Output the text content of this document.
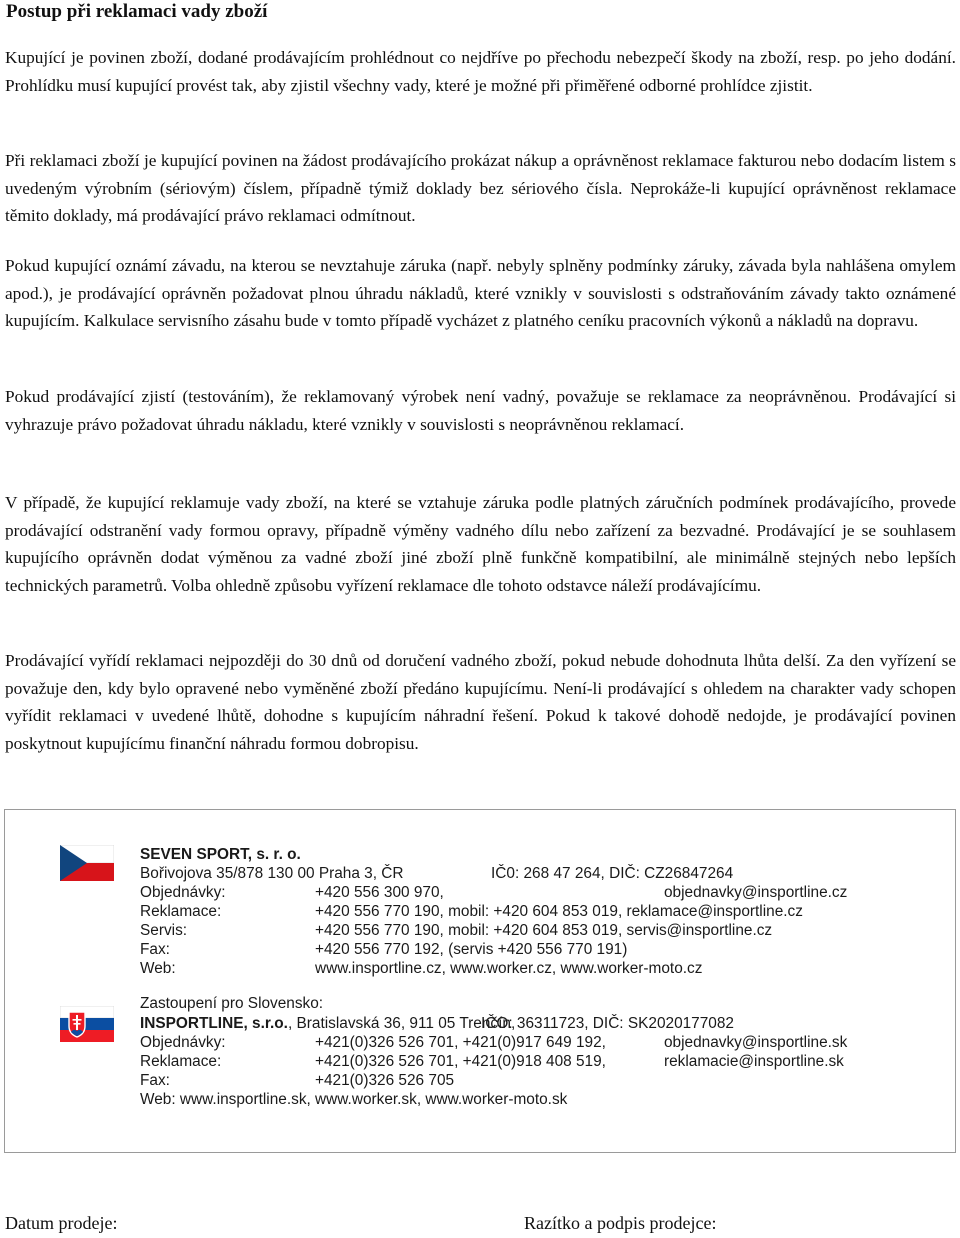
Postup při reklamaci vady zboží

Kupující je povinen zboží, dodané prodávajícím prohlédnout co nejdříve po přechodu nebezpečí škody na zboží, resp. po jeho dodání. Prohlídku musí kupující provést tak, aby zjistil všechny vady, které je možné při přiměřené odborné prohlídce zjistit.

Při reklamaci zboží je kupující povinen na žádost prodávajícího prokázat nákup a oprávněnost reklamace fakturou nebo dodacím listem s uvedeným výrobním (sériovým) číslem, případně týmiž doklady bez sériového čísla. Neprokáže-li kupující oprávněnost reklamace těmito doklady, má prodávající právo reklamaci odmítnout.

Pokud kupující oznámí závadu, na kterou se nevztahuje záruka (např. nebyly splněny podmínky záruky, závada byla nahlášena omylem apod.), je prodávající oprávněn požadovat plnou úhradu nákladů, které vznikly v souvislosti s odstraňováním závady takto oznámené kupujícím. Kalkulace servisního zásahu bude v tomto případě vycházet z platného ceníku pracovních výkonů a nákladů na dopravu.

Pokud prodávající zjistí (testováním), že reklamovaný výrobek není vadný, považuje se reklamace za neoprávněnou. Prodávající si vyhrazuje právo požadovat úhradu nákladu, které vznikly v souvislosti s neoprávněnou reklamací.

V případě, že kupující reklamuje vady zboží, na které se vztahuje záruka podle platných záručních podmínek prodávajícího, provede prodávající odstranění vady formou opravy, případně výměny vadného dílu nebo zařízení za bezvadné. Prodávající je se souhlasem kupujícího oprávněn dodat výměnou za vadné zboží jiné zboží plně funkčně kompatibilní, ale minimálně stejných nebo lepších technických parametrů. Volba ohledně způsobu vyřízení reklamace dle tohoto odstavce náleží prodávajícímu.

Prodávající vyřídí reklamaci nejpozději do 30 dnů od doručení vadného zboží, pokud nebude dohodnuta lhůta delší. Za den vyřízení se považuje den, kdy bylo opravené nebo vyměněné zboží předáno kupujícímu. Není-li prodávající s ohledem na charakter vady schopen vyřídit reklamaci v uvedené lhůtě, dohodne s kupujícím náhradní řešení. Pokud k takové dohodě nedojde, je prodávající povinen poskytnout kupujícímu finanční náhradu formou dobropisu.

SEVEN SPORT, s. r. o.
Bořivojova 35/878 130 00 Praha 3, ČR	IČ0: 268 47 264, DIČ: CZ26847264
Objednávky:	+420 556 300 970,	objednavky@insportline.cz
Reklamace:	+420 556 770 190, mobil: +420 604 853 019, reklamace@insportline.cz
Servis:	+420 556 770 190, mobil: +420 604 853 019, servis@insportline.cz
Fax:	+420 556 770 192, (servis +420 556 770 191)
Web:	www.insportline.cz, www.worker.cz, www.worker-moto.cz
Zastoupení pro Slovensko:
INSPORTLINE, s.r.o., Bratislavská 36, 911 05 Trenčín,
IČO: 36311723, DIČ: SK2020177082
Objednávky:	+421(0)326 526 701, +421(0)917 649 192,	objednavky@insportline.sk
Reklamace:	+421(0)326 526 701, +421(0)918 408 519,	reklamacie@insportline.sk
Fax:	+421(0)326 526 705
Web: www.insportline.sk, www.worker.sk, www.worker-moto.sk

Datum prodeje:	Razítko a podpis prodejce:
